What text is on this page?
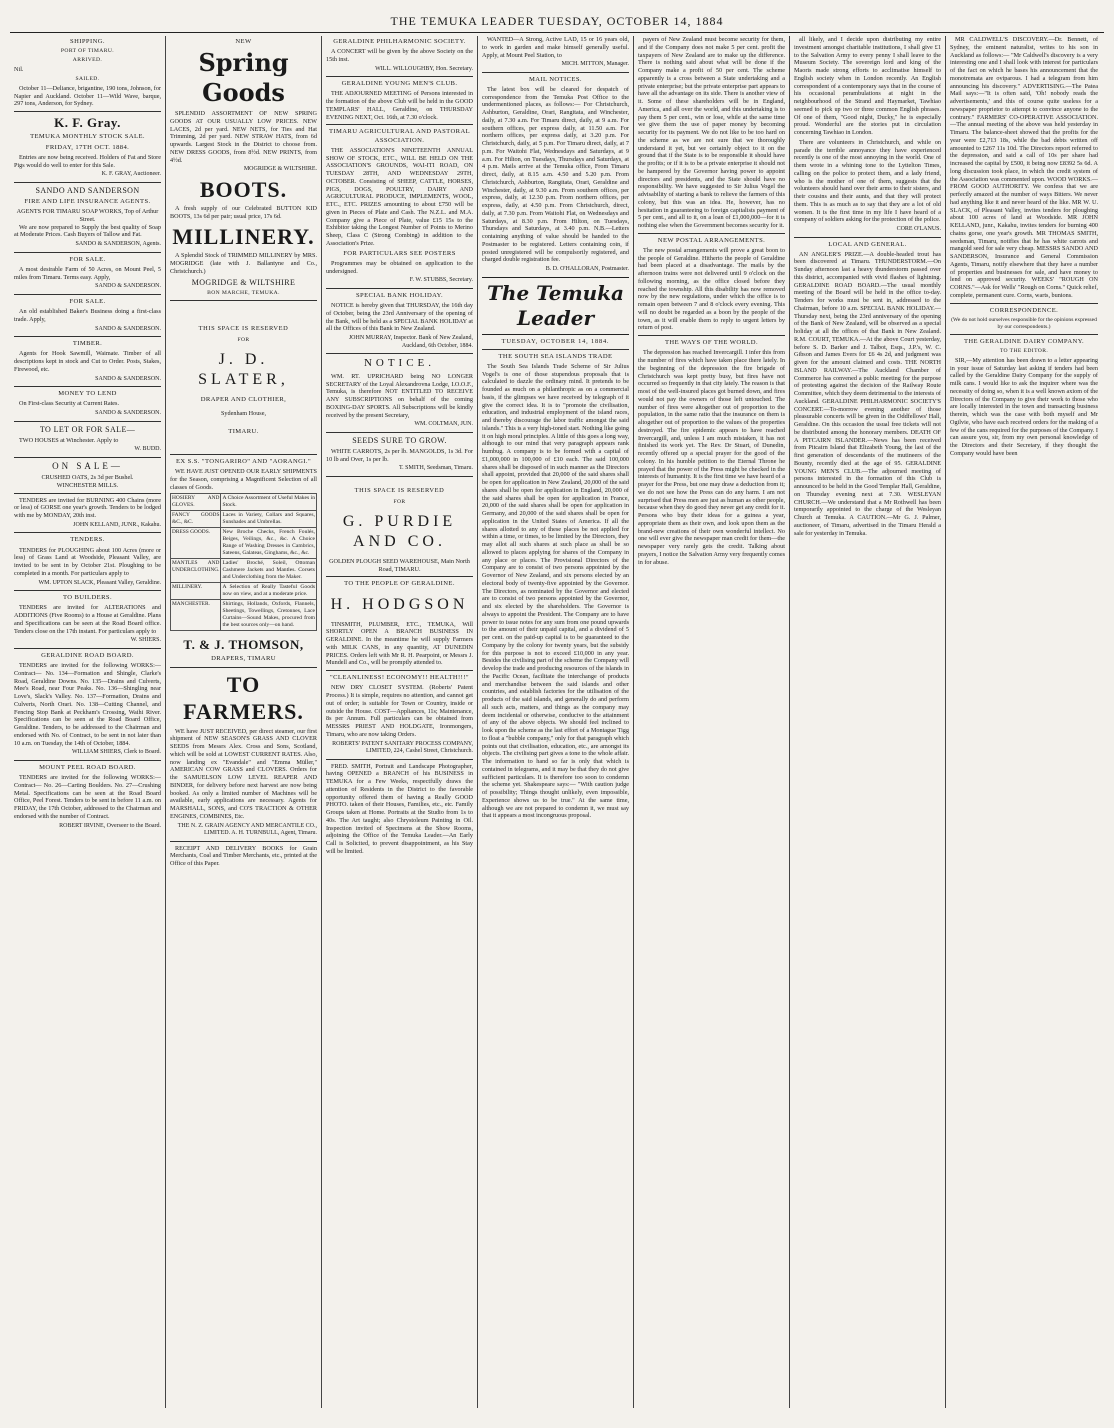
THE TEMUKA LEADER TUESDAY, OCTOBER 14, 1884
SHIPPING.
PORT OF TIMARU.
ARRIVED.
Nil.
SAILED.

October 11—Deliance, brigantine, 190 tons, Johnson, for Napier and Auckland. October 11—Wild Wave, barque, 297 tons, Anderson, for Sydney.

K. F. Gray.
TEMUKA MONTHLY STOCK SALE.
FRIDAY, 17TH OCT. 1884.

Entries are now being received. Holders of Fat and Store Pigs would do well to enter for this Sale.

K. F. GRAY, Auctioneer.
SANDO AND SANDERSON
FIRE AND LIFE INSURANCE AGENTS.
AGENTS FOR TIMARU SOAP WORKS, Top of Arthur Street.

We are now prepared to Supply the best quality of Soap at Moderate Prices. Cash Buyers of Tallow and Fat.

SANDO & SANDERSON, Agents.
FOR SALE.

A most desirable Farm of 50 Acres, on Mount Peel, 5 miles from Timaru. Terms easy. Apply,

SANDO & SANDERSON.
FOR SALE.

An old established Baker's Business doing a first-class trade. Apply,

SANDO & SANDERSON.
TIMBER.

Agents for Hook Sawmill, Waimate. Timber of all descriptions kept in stock and Cut to Order. Posts, Stakes, Firewood, etc.

SANDO & SANDERSON.
MONEY TO LEND

On First-class Security at Current Rates.

SANDO & SANDERSON.
TO LET OR FOR SALE—

TWO HOUSES at Winchester. Apply to

W. BUDD.
ON SALE—
CRUSHED OATS, 2s 3d per Bushel.
WINCHESTER MILLS.

TENDERS are invited for BURNING 400 Chains (more or less) of GORSE one year's growth. Tenders to be lodged with me by MONDAY, 20th inst.

JOHN KELLAND, JUNR., Kakahu.
TENDERS.

TENDERS for PLOUGHING about 100 Acres (more or less) of Grass Land at Woodside, Pleasant Valley, are invited to be sent in by October 21st. Ploughing to be completed in a month. For particulars apply to

WM. UPTON SLACK, Pleasant Valley, Geraldine.
TO BUILDERS.

TENDERS are invited for ALTERATIONS and ADDITIONS (Five Rooms) to a House at Geraldine. Plans and Specifications can be seen at the Road Board office. Tenders close on the 17th instant. For particulars apply to

W. SHIERS.
GERALDINE ROAD BOARD.

TENDERS are invited for the following WORKS:— Contract— No. 134—Formation and Shingle, Clarke's Road, Geraldine Downs. No. 135—Drains and Culverts, Mee's Road, near Four Peaks. No. 136—Shingling near Love's, Slack's Valley. No. 137—Formation, Drains and Culverts, North Orari. No. 138—Cutting Channel, and Fencing Stop Bank at Peckham's Crossing, Waihi River. Specifications can be seen at the Road Board Office, Geraldine. Tenders, to be addressed to the Chairman and endorsed with No. of Contract, to be sent in not later than 10 a.m. on Tuesday, the 14th of October, 1884.

WILLIAM SHIERS, Clerk to Board.
MOUNT PEEL ROAD BOARD.

TENDERS are invited for the following WORKS:— Contract— No. 26—Carting Boulders. No. 27—Crushing Metal. Specifications can be seen at the Road Board Office, Peel Forest. Tenders to be sent in before 11 a.m. on FRIDAY, the 17th October, addressed to the Chairman and endorsed with the number of Contract.

ROBERT IRVINE, Overseer to the Board.
NEW
Spring Goods

SPLENDID ASSORTMENT OF NEW SPRING GOODS AT OUR USUALLY LOW PRICES. NEW LACES, 2d per yard. NEW NETS, for Ties and Hat Trimming, 2d per yard. NEW STRAW HATS, from 6d upwards. Largest Stock in the District to choose from. NEW DRESS GOODS, from 8½d. NEW PRINTS, from 4½d.

MOGRIDGE & WILTSHIRE.
BOOTS.

A fresh supply of our Celebrated BUTTON KID BOOTS, 13s 6d per pair; usual price, 17s 6d.

MILLINERY.

A Splendid Stock of TRIMMED MILLINERY by MRS. MOGRIDGE (late with J. Ballantyne and Co., Christchurch.)

MOGRIDGE & WILTSHIRE
BON MARCHE, TEMUKA.
THIS SPACE IS RESERVED
FOR
J. D. SLATER,
DRAPER AND CLOTHIER,
Sydenham House,
TIMARU.
EX S.S. "TONGARIRO" AND "AORANGI."

WE HAVE JUST OPENED OUR EARLY SHIPMENTS for the Season, comprising a Magnificent Selection of all classes of Goods.

HOSIERY AND GLOVES.	A Choice Assortment of Useful Makes in Stock.
FANCY GOODS &C., &C.	Laces in Variety, Collars and Squares, Sunshades and Umbrellas.
DRESS GOODS.	New Broche Checks, French Foulés, Beiges, Veilings, &c., &c. A Choice Range of Washing Dresses in Cambrics, Sateens, Galateas, Ginghams, &c., &c.
MANTLES AND UNDERCLOTHING.	Ladies' Broché, Soleil, Ottoman Cashmere Jackets and Mantles. Corsets and Underclothing from the Maker.
MILLINERY.	A Selection of Really Tasteful Goods now on view, and at a moderate price.
MANCHESTER.	Shirtings, Hollands, Oxfords, Flannels, Sheetings, Towellings, Cretonnes, Lace Curtains—Sound Makes, procured from the best sources only—on hand.
T. & J. THOMSON,
DRAPERS, TIMARU
TO FARMERS.

WE have JUST RECEIVED, per direct steamer, our first shipment of NEW SEASON'S GRASS AND CLOVER SEEDS from Messrs Alex. Cross and Sons, Scotland, which will be sold at LOWEST CURRENT RATES. Also, now landing ex "Evandale" and "Emma Müller," AMERICAN COW GRASS and CLOVERS. Orders for the SAMUELSON LOW LEVEL REAPER AND BINDER, for delivery before next harvest are now being booked. As only a limited number of Machines will be available, early applications are necessary. Agents for MARSHALL, SONS, and CO'S TRACTION & OTHER ENGINES, COMBINES, Etc.

THE N. Z. GRAIN AGENCY AND MERCANTILE CO., LIMITED. A. H. TURNBULL, Agent, Timaru.

RECEIPT AND DELIVERY BOOKS for Grain Merchants, Coal and Timber Merchants, etc., printed at the Office of this Paper.

GERALDINE PHILHARMONIC SOCIETY.

A CONCERT will be given by the above Society on the 15th inst.

WILL. WILLOUGHBY, Hon. Secretary.
GERALDINE YOUNG MEN'S CLUB.

THE ADJOURNED MEETING of Persons interested in the formation of the above Club will be held in the GOOD TEMPLARS' HALL, Geraldine, on THURSDAY EVENING NEXT, Oct. 16th, at 7.30 o'clock.

TIMARU AGRICULTURAL AND PASTORAL ASSOCIATION.

THE ASSOCIATION'S NINETEENTH ANNUAL SHOW OF STOCK, ETC., WILL BE HELD ON THE ASSOCIATION'S GROUNDS, WAI-ITI ROAD, ON TUESDAY 28TH, AND WEDNESDAY 29TH, OCTOBER. Consisting of SHEEP, CATTLE, HORSES, PIGS, DOGS, POULTRY, DAIRY AND AGRICULTURAL PRODUCE, IMPLEMENTS, WOOL, ETC., ETC. PRIZES amounting to about £750 will be given in Pieces of Plate and Cash. The N.Z.L. and M.A. Company give a Piece of Plate, value £15 15s to the Exhibitor taking the Longest Number of Points to Merino Sheep, Class C (Strong Combing) in addition to the Association's Prize.

FOR PARTICULARS SEE POSTERS

Programmes may be obtained on application to the undersigned.

F. W. STUBBS, Secretary.
SPECIAL BANK HOLIDAY.

NOTICE is hereby given that THURSDAY, the 16th day of October, being the 23rd Anniversary of the opening of the Bank, will be held as a SPECIAL BANK HOLIDAY at all the Offices of this Bank in New Zealand.

JOHN MURRAY, Inspector. Bank of New Zealand, Auckland, 6th October, 1884.
NOTICE.

WM. RT. UPRICHARD being NO LONGER SECRETARY of the Loyal Alexandrovna Lodge, I.O.O.F., Temuka, is therefore NOT ENTITLED TO RECEIVE ANY SUBSCRIPTIONS on behalf of the coming BOXING-DAY SPORTS. All Subscriptions will be kindly received by the present Secretary,

WM. COLTMAN, JUN.
SEEDS SURE TO GROW.

WHITE CARROTS, 2s per lb. MANGOLDS, 1s 3d. For 10 lb and Over, 1s per lb.

T. SMITH, Seedsman, Timaru.
THIS SPACE IS RESERVED
FOR
G. PURDIE AND CO.

GOLDEN PLOUGH SEED WAREHOUSE, Main North Road, TIMARU.

TO THE PEOPLE OF GERALDINE.
H. HODGSON

TINSMITH, PLUMBER, ETC., TEMUKA, Will SHORTLY OPEN A BRANCH BUSINESS IN GERALDINE. In the meantime he will supply Farmers with MILK CANS, in any quantity, AT DUNEDIN PRICES. Orders left with Mr R. H. Pearpoint, or Messrs J. Mundell and Co., will be promptly attended to.

"CLEANLINESS! ECONOMY!! HEALTH!!!"

NEW DRY CLOSET SYSTEM. (Roberts' Patent Process.) It is simple, requires no attention, and cannot get out of order; is suitable for Town or Country, inside or outside the House. COST—Appliances, 11s; Maintenance, 8s per Annum. Full particulars can be obtained from MESSRS PRIEST AND HOLDGATE, Ironmongers, Timaru, who are now taking Orders.

ROBERTS' PATENT SANITARY PROCESS COMPANY, LIMITED, 224, Cashel Street, Christchurch.

FRED. SMITH, Portrait and Landscape Photographer, having OPENED a BRANCH of his BUSINESS in TEMUKA for a Few Weeks, respectfully draws the attention of Residents in the District to the favorable opportunity offered them of having a Really GOOD PHOTO. taken of their Houses, Families, etc., etc. Family Groups taken at Home. Portraits at the Studio from 1s to 40s. The Art taught; also Chrystoleum Painting in Oil. Inspection invited of Specimens at the Show Rooms, adjoining the Office of the Temuka Leader.—An Early Call is Solicited, to prevent disappointment, as his Stay will be limited.

WANTED—A Strong, Active LAD, 15 or 16 years old, to work in garden and make himself generally useful. Apply, at Mount Peel Station, to

MICH. MITTON, Manager.
MAIL NOTICES.

The latest box will be cleared for despatch of correspondence from the Temuka Post Office to the undermentioned places, as follows:— For Christchurch, Ashburton, Geraldine, Orari, Rangitata, and Winchester, daily, at 7.30 a.m. For Timaru direct, daily, at 9 a.m. For southern offices, per express daily, at 11.50 a.m. For northern offices, per express daily, at 3.20 p.m. For Christchurch, daily, at 5 p.m. For Timaru direct, daily, at 7 p.m. For Waitohi Flat, Wednesdays and Saturdays, at 9 a.m. For Hilton, on Tuesdays, Thursdays and Saturdays, at 4 p.m. Mails arrive at the Temuka office, From Timaru direct, daily, at 8.15 a.m. 4.50 and 5.20 p.m. From Christchurch, Ashburton, Rangitata, Orari, Geraldine and Winchester, daily, at 9.30 a.m. From southern offices, per express, daily, at 12.30 p.m. From northern offices, per express, daily, at 4.50 p.m. From Christchurch, direct, daily, at 7.30 p.m. From Waitohi Flat, on Wednesdays and Saturdays, at 8.30 p.m. From Hilton, on Tuesdays, Thursdays and Saturdays, at 3.40 p.m. N.B.—Letters containing anything of value should be handed to the Postmaster to be registered. Letters containing coin, if posted unregistered will be compulsorily registered, and charged double registration fee.

B. D. O'HALLORAN, Postmaster.
The Temuka Leader
TUESDAY, OCTOBER 14, 1884.
THE SOUTH SEA ISLANDS TRADE

The South Sea Islands Trade Scheme of Sir Julius Vogel's is one of those stupendous proposals that is calculated to dazzle the ordinary mind. It pretends to be founded as much on a philanthropic as on a commercial basis, if the glimpses we have received by telegraph of it give the correct idea. It is to "promote the civilisation, education, and industrial employment of the island races, and thereby discourage the labor traffic amongst the said islands." This is a very high-toned start. Nothing like going it on high moral principles. A little of this goes a long way, although to our mind that very paragraph appears rank humbug. A company is to be formed with a capital of £1,000,000 in 100,000 of £10 each. The said 100,000 shares shall be disposed of in such manner as the Directors shall appoint, provided that 20,000 of the said shares shall be open for application in New Zealand, 20,000 of the said shares shall be open for application in England, 20,000 of the said shares shall be open for application in France, 20,000 of the said shares shall be open for application in Germany, and 20,000 of the said shares shall be open for application in the United States of America. If all the shares allotted to any of these places be not applied for within a time, or times, to be limited by the Directors, they may allot all such shares at such place as shall be so allowed to places applying for shares of the Company in any place or places. The Provisional Directors of the Company are to consist of two persons appointed by the Governor of New Zealand, and six persons elected by an electoral body of twenty-five appointed by the Governor. The Directors, as nominated by the Governor and elected are to consist of two persons appointed by the Governor, and six elected by the shareholders. The Governor is always to appoint the President. The Company are to have power to issue notes for any sum from one pound upwards to the amount of their unpaid capital, and a dividend of 5 per cent. on the paid-up capital is to be guaranteed to the Company by the colony for twenty years, but the subsidy for this purpose is not to exceed £10,000 in any year. Besides the civilising part of the scheme the Company will develop the trade and producing resources of the islands in the Pacific Ocean, facilitate the interchange of products and merchandise between the said islands and other countries, and establish factories for the utilisation of the products of the said islands, and generally do and perform all such acts, matters, and things as the company may deem incidental or otherwise, conducive to the attainment of any of the above objects. We should feel inclined to look upon the scheme as the last effort of a Montague Tigg to float a "bubble company," only for that paragraph which points out that civilisation, education, etc., are amongst its objects. The civilising part gives a tone to the whole affair. The information to hand so far is only that which is contained in telegrams, and it may be that they do not give sufficient particulars. It is therefore too soon to condemn the scheme yet. Shakespeare says:— "With caution judge of possibility; Things thought unlikely, even impossible, Experience shows us to be true." At the same time, although we are not prepared to condemn it, we must say that it appears a most incongruous proposal.

payers of New Zealand must become security for them, and if the Company does not make 5 per cent. profit the taxpayers of New Zealand are to make up the difference. There is nothing said about what will be done if the Company make a profit of 50 per cent. The scheme apparently is a cross between a State undertaking and a private enterprise; but the private enterprise part appears to have all the advantage on its side. There is another view of it. Some of these shareholders will be in England, America, and all over the world, and this undertaking is to pay them 5 per cent., win or lose, while at the same time we give them the use of paper money by becoming security for its payment. We do not like to be too hard on the scheme as we are not sure that we thoroughly understand it yet, but we certainly object to it on the ground that if the State is to be responsible it should have the profits; or if it is to be a private enterprise it should not be hampered by the Governor having power to appoint directors and presidents, and the State should have no responsibility. We have suggested to Sir Julius Vogel the advisability of starting a bank to relieve the farmers of this colony, but this was an idea. He, however, has no hesitation in guaranteeing to foreign capitalists payment of 5 per cent., and all to it, on a loan of £1,000,000—for it is nothing else when the Government becomes security for it.

NEW POSTAL ARRANGEMENTS.

The new postal arrangements will prove a great boon to the people of Geraldine. Hitherto the people of Geraldine had been placed at a disadvantage. The mails by the afternoon trains were not delivered until 9 o'clock on the following morning, as the office closed before they reached the township. All this disability has now removed now by the new regulations, under which the office is to remain open between 7 and 8 o'clock every evening. This will no doubt be regarded as a boon by the people of the town, as it will enable them to reply to urgent letters by return of post.

THE WAYS OF THE WORLD.

The depression has reached Invercargill. I infer this from the number of fires which have taken place there lately. In the beginning of the depression the fire brigade of Christchurch was kept pretty busy, but fires have not occurred so frequently in that city lately. The reason is that most of the well-insured places got burned down, and fires would not pay the owners of those left untouched. The number of fires were altogether out of proportion to the population, in the same ratio that the insurance on them is altogether out of proportion to the values of the properties destroyed. The fire epidemic appears to have reached Invercargill, and, unless I am much mistaken, it has not finished its work yet. The Rev. Dr Stuart, of Dunedin, recently offered up a special prayer for the good of the colony. In his humble petition to the Eternal Throne he prayed that the power of the Press might be checked in the interests of humanity. It is the first time we have heard of a prayer for the Press, but one may draw a deduction from it; we do not see how the Press can do any harm. I am not surprised that Press men are just as human as other people, because when they do good they never get any credit for it. Persons who buy their ideas for a guinea a year, appropriate them as their own, and look upon them as the brand-new creations of their own wonderful intellect. No one will ever give the newspaper man credit for them—the newspaper very rarely gets the credit. Talking about prayers, I notice the Salvation Army very frequently comes in for abuse.

all likely, and I decide upon distributing my entire investment amongst charitable institutions, I shall give £1 to the Salvation Army to every penny I shall leave to the Museum Society. The sovereign lord and king of the Maoris made strong efforts to acclimatise himself to English society when in London recently. An English correspondent of a contemporary says that in the course of his occasional perambulations at night in the neighbourhood of the Strand and Haymarket, Tawhiao seemed to pick up two or three common English phrases. Of one of them, "Good night, Ducky," he is especially proud. Wonderful are the stories put in circulation concerning Tawhiao in London.

There are volunteers in Christchurch, and while on parade the terrible annoyance they have experienced recently is one of the most annoying in the world. One of them wrote in a whining tone to the Lyttelton Times, calling on the police to protect them, and a lady friend, who is the mother of one of them, suggests that the volunteers should hand over their arms to their sisters, and their cousins and their aunts, and that they will protect them. This is as much as to say that they are a lot of old women. It is the first time in my life I have heard of a company of soldiers asking for the protection of the police.

CORE O'LANUS.
LOCAL AND GENERAL.

AN ANGLER'S PRIZE.—A double-headed trout has been discovered at Timaru. THUNDERSTORM.—On Sunday afternoon last a heavy thunderstorm passed over this district, accompanied with vivid flashes of lightning. GERALDINE ROAD BOARD.—The usual monthly meeting of the Board will be held in the office to-day. Tenders for works must be sent in, addressed to the Chairman, before 10 a.m. SPECIAL BANK HOLIDAY.—Thursday next, being the 23rd anniversary of the opening of the Bank of New Zealand, will be observed as a special holiday at all the offices of that Bank in New Zealand. R.M. COURT, TEMUKA.—At the above Court yesterday, before S. D. Barker and J. Talbot, Esqs., J.P.'s, W. C. Gibson and James Evers for £6 4s 2d, and judgment was given for the amount claimed and costs. THE NORTH ISLAND RAILWAY.—The Auckland Chamber of Commerce has convened a public meeting for the purpose of protesting against the decision of the Railway Route Committee, which they deem detrimental to the interests of Auckland. GERALDINE PHILHARMONIC SOCIETY'S CONCERT.—To-morrow evening another of those pleasurable concerts will be given in the Oddfellows' Hall, Geraldine. On this occasion the usual free tickets will not be distributed among the honorary members. DEATH OF A PITCAIRN ISLANDER.—News has been received from Pitcairn Island that Elizabeth Young, the last of the first generation of descendants of the mutineers of the Bounty, recently died at the age of 95. GERALDINE YOUNG MEN'S CLUB.—The adjourned meeting of persons interested in the formation of this Club is announced to be held in the Good Templar Hall, Geraldine, on Thursday evening next at 7.30. WESLEYAN CHURCH.—We understand that a Mr Rothwell has been temporarily appointed to the charge of the Wesleyan Church at Temuka. A CAUTION.—Mr G. J. Palmer, auctioneer, of Timaru, advertised in the Timaru Herald a sale for yesterday in Temuka.

MR CALDWELL'S DISCOVERY.—Dr. Bennett, of Sydney, the eminent naturalist, writes to his son in Auckland as follows:— "Mr Caldwell's discovery is a very interesting one and I shall look with interest for particulars of the fact on which he bases his announcement that the monotremata are oviparous. I had a telegram from him announcing his discovery." ADVERTISING.—The Patea Mail says:—"It is often said, 'Oh! nobody reads the advertisements,' and this of course quite useless for a newspaper proprietor to attempt to convince anyone to the contrary." FARMERS' CO-OPERATIVE ASSOCIATION.—The annual meeting of the above was held yesterday in Timaru. The balance-sheet showed that the profits for the year were £2,713 18s, while the bad debts written off amounted to £267 11s 10d. The Directors report referred to the depression, and said a call of 10s per share had increased the capital by £500, it being now £8392 5s 6d. A long discussion took place, in which the credit system of the Association was commented upon. WOOD WORKS.—FROM GOOD AUTHORITY. We confess that we are perfectly amazed at the number of ways Bitters. We never had anything like it and never heard of the like. MR W. U. SLACK, of Pleasant Valley, invites tenders for ploughing about 100 acres of land at Woodside. MR JOHN KELLAND, junr., Kakahu, invites tenders for burning 400 chains gorse, one year's growth. MR THOMAS SMITH, seedsman, Timaru, notifies that he has white carrots and mangold seed for sale very cheap. MESSRS SANDO AND SANDERSON, Insurance and General Commission Agents, Timaru, notify elsewhere that they have a number of properties and businesses for sale, and have money to lend on approved security. WEEKS' "ROUGH ON CORNS."—Ask for Wells' "Rough on Corns." Quick relief, complete, permanent cure. Corns, warts, bunions.

CORRESPONDENCE.
(We do not hold ourselves responsible for the opinions expressed by our correspondents.)
THE GERALDINE DAIRY COMPANY.
TO THE EDITOR.

SIR,—My attention has been drawn to a letter appearing in your issue of Saturday last asking if tenders had been called by the Geraldine Dairy Company for the supply of milk cans. I would like to ask the inquirer where was the necessity of doing so, when it is a well known axiom of the Directors of the Company to give their work to those who are locally interested in the town and transacting business therein, which was the case with both myself and Mr Ogilvie, who have each received orders for the making of a few of the cans required for the purposes of the Company. I can assure you, sir, from my own personal knowledge of the Directors and their Secretary, if they thought the Company would have been
